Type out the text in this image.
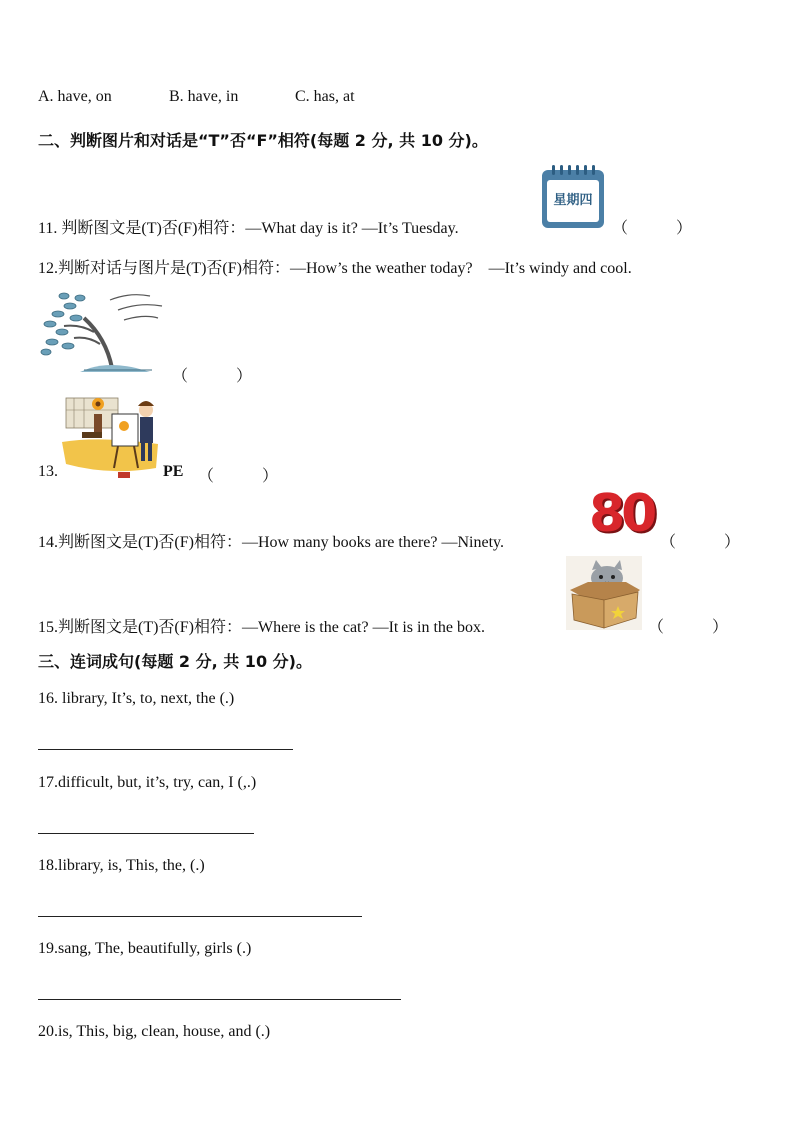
A. have, on	B. have, in	C. has, at
二、判断图片和对话是“T”否“F”相符(每题 2 分, 共 10 分)。
11. 判断图文是(T)否(F)相符：—What day is it? —It’s Tuesday.
星期四
（　　　）
12.判断对话与图片是(T)否(F)相符：—How’s the weather today?　—It’s windy and cool.
（　　　）
13.	PE （　　　）
14.判断图文是(T)否(F)相符：—How many books are there? —Ninety. 80 （　　　）
15.判断图文是(T)否(F)相符：—Where is the cat? —It is in the box.	（　　　）
三、连词成句(每题 2 分, 共 10 分)。
16. library, It’s, to, next, the (.)
17.difficult, but, it’s, try, can, I (,.)
18.library, is, This, the, (.)
19.sang, The, beautifully, girls (.)
20.is, This, big, clean, house, and (.)
